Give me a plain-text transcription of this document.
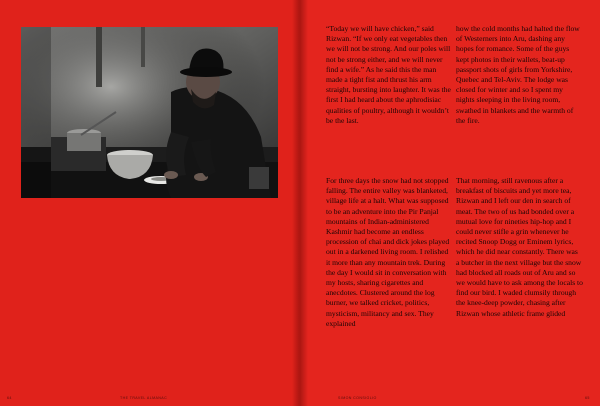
“Today we will have chicken,” said Rizwan. “If we only eat vegetables then we will not be strong. And our poles will not be strong either, and we will never find a wife.” As he said this the man made a tight fist and thrust his arm straight, bursting into laughter. It was the first I had heard about the aphrodisiac qualities of poultry, although it wouldn’t be the last.

how the cold months had halted the flow of Westerners into Aru, dashing any hopes for romance. Some of the guys kept photos in their wallets, beat-up passport shots of girls from Yorkshire, Quebec and Tel-Aviv. The lodge was closed for winter and so I spent my nights sleeping in the living room, swathed in blankets and the warmth of the fire.

For three days the snow had not stopped falling. The entire valley was blanketed, village life at a halt. What was supposed to be an adventure into the Pir Panjal mountains of Indian-administered Kashmir had become an endless procession of chai and dick jokes played out in a darkened living room. I relished it more than any mountain trek. During the day I would sit in conversation with my hosts, sharing cigarettes and anecdotes. Clustered around the log burner, we talked cricket, politics, mysticism, militancy and sex. They explained

That morning, still ravenous after a breakfast of biscuits and yet more tea, Rizwan and I left our den in search of meat. The two of us had bonded over a mutual love for nineties hip-hop and I could never stifle a grin whenever he recited Snoop Dogg or Eminem lyrics, which he did near constantly. There was a butcher in the next village but the snow had blocked all roads out of Aru and so we would have to ask among the locals to find our bird. I waded clumsily through the knee-deep powder, chasing after Rizwan whose athletic frame glided

64	THE TRAVEL ALMANAC	SIMON CONSIGLIO	65
